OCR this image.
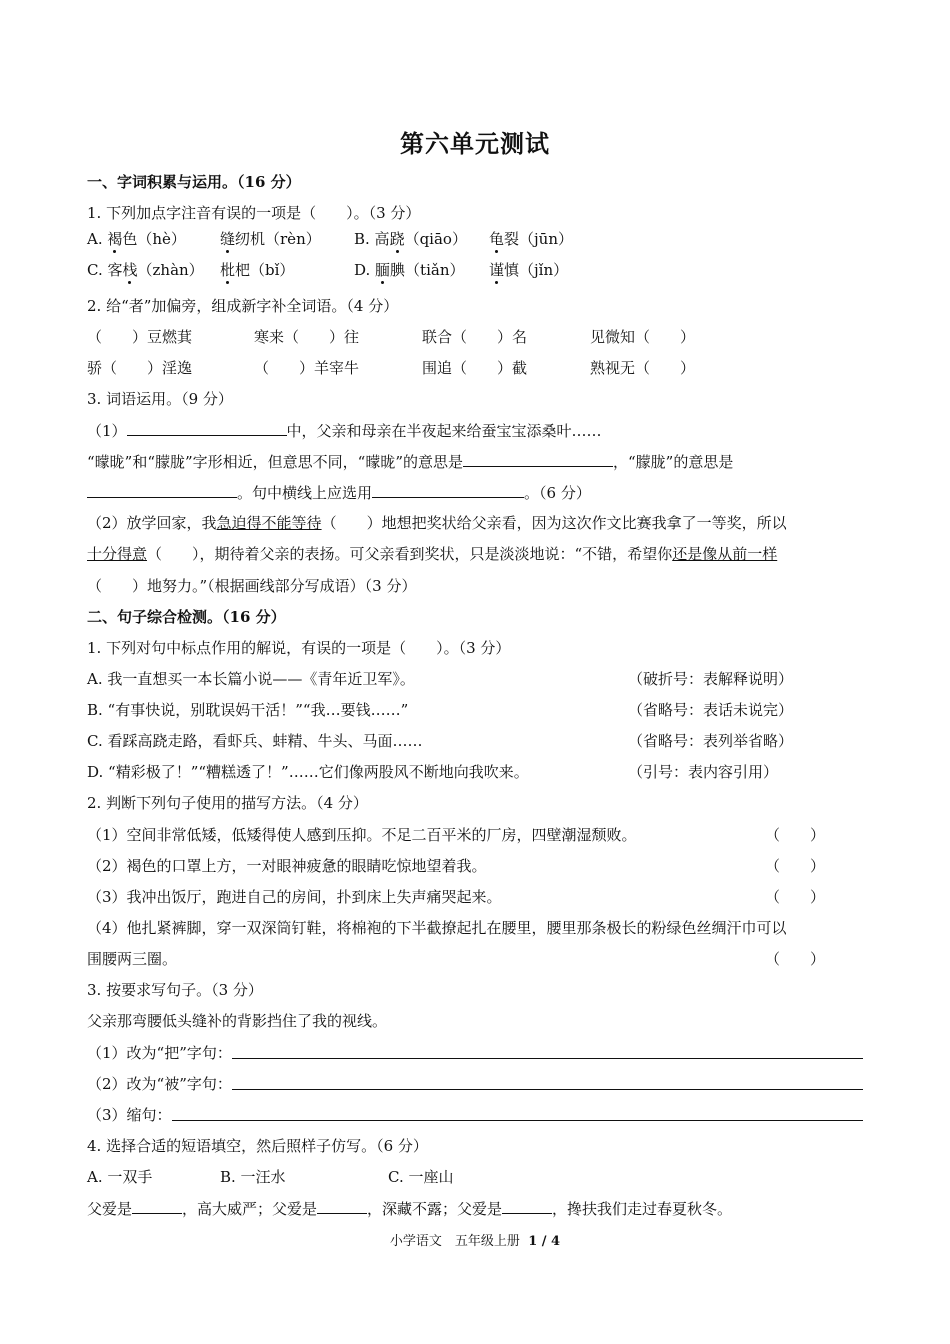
第六单元测试
一、字词积累与运用。（16 分）
1. 下列加点字注音有误的一项是（　　）。（3 分）
A. 褐色（hè） 缝纫机（rèn） B. 高跷（qiāo） 龟裂（jūn）
C. 客栈（zhàn） 枇杷（bǐ）	D. 腼腆（tiǎn） 谨慎（jǐn）
2. 给“者”加偏旁，组成新字补全词语。（4 分）
（　　）豆燃萁	寒来（　　）往	联合（　　）名	见微知（　　）
骄（　　）淫逸	（　　）羊宰牛	围追（　　）截	熟视无（　　）
3. 词语运用。（9 分）
（1）	中，父亲和母亲在半夜起来给蚕宝宝添桑叶……
“曚昽”和“朦胧”字形相近，但意思不同，“曚昽”的意思是	，“朦胧”的意思是
。句中横线上应选用	。（6 分）
（2）放学回家，我急迫得不能等待（　　）地想把奖状给父亲看，因为这次作文比赛我拿了一等奖，所以
十分得意（　　），期待着父亲的表扬。可父亲看到奖状，只是淡淡地说：“不错，希望你还是像从前一样
（　　）地努力。”（根据画线部分写成语）（3 分）
二、句子综合检测。（16 分）
1. 下列对句中标点作用的解说，有误的一项是（　　）。（3 分）
A. 我一直想买一本长篇小说——《青年近卫军》。	（破折号：表解释说明）
B. “有事快说，别耽误妈干活！”“我…要钱……”	（省略号：表话未说完）
C. 看踩高跷走路，看虾兵、蚌精、牛头、马面……	（省略号：表列举省略）
D. “精彩极了！”“糟糕透了！”……它们像两股风不断地向我吹来。	（引号：表内容引用）
2. 判断下列句子使用的描写方法。（4 分）
（1）空间非常低矮，低矮得使人感到压抑。不足二百平米的厂房，四壁潮湿颓败。	（　　）
（2）褐色的口罩上方，一对眼神疲惫的眼睛吃惊地望着我。	（　　）
（3）我冲出饭厅，跑进自己的房间，扑到床上失声痛哭起来。	（　　）
（4）他扎紧裤脚，穿一双深筒钉鞋，将棉袍的下半截撩起扎在腰里，腰里那条极长的粉绿色丝绸汗巾可以
围腰两三圈。	（　　）
3. 按要求写句子。（3 分）
父亲那弯腰低头缝补的背影挡住了我的视线。
（1）改为“把”字句：
（2）改为“被”字句：
（3）缩句：
4. 选择合适的短语填空，然后照样子仿写。（6 分）
A. 一双手	B. 一汪水	C. 一座山
父爱是	，高大威严；父爱是	，深藏不露；父爱是	，搀扶我们走过春夏秋冬。
小学语文　五年级上册 1 / 4
